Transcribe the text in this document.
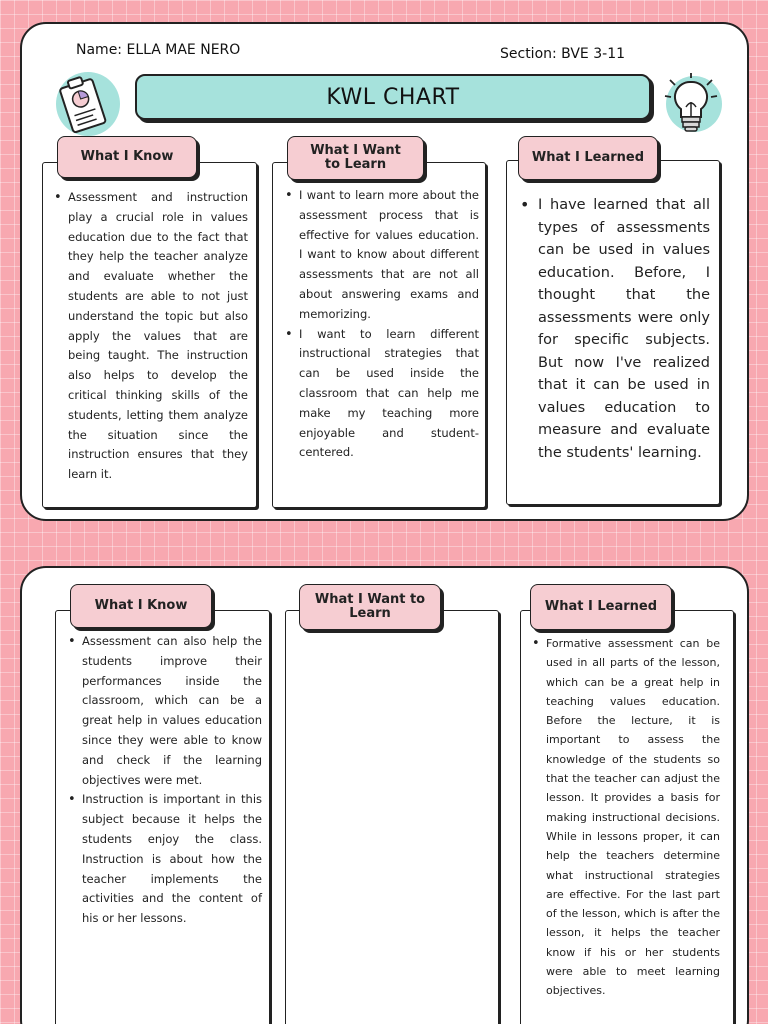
Name: ELLA MAE NERO	Section: BVE 3-11
KWL CHART
What I Know
• Assessment and instruction play a crucial role in values education due to the fact that they help the teacher analyze and evaluate whether the students are able to not just understand the topic but also apply the values that are being taught. The instruction also helps to develop the critical thinking skills of the students, letting them analyze the situation since the instruction ensures that they learn it.
What I Want to Learn
• I want to learn more about the assessment process that is effective for values education. I want to know about different assessments that are not all about answering exams and memorizing.
• I want to learn different instructional strategies that can be used inside the classroom that can help me make my teaching more enjoyable and student-centered.
What I Learned
• I have learned that all types of assessments can be used in values education. Before, I thought that the assessments were only for specific subjects. But now I've realized that it can be used in values education to measure and evaluate the students' learning.
What I Know
• Assessment can also help the students improve their performances inside the classroom, which can be a great help in values education since they were able to know and check if the learning objectives were met.
• Instruction is important in this subject because it helps the students enjoy the class. Instruction is about how the teacher implements the activities and the content of his or her lessons.
What I Want to Learn	What I Learned
• Formative assessment can be used in all parts of the lesson, which can be a great help in teaching values education. Before the lecture, it is important to assess the knowledge of the students so that the teacher can adjust the lesson. It provides a basis for making instructional decisions. While in lessons proper, it can help the teachers determine what instructional strategies are effective. For the last part of the lesson, which is after the lesson, it helps the teacher know if his or her students were able to meet learning objectives.
